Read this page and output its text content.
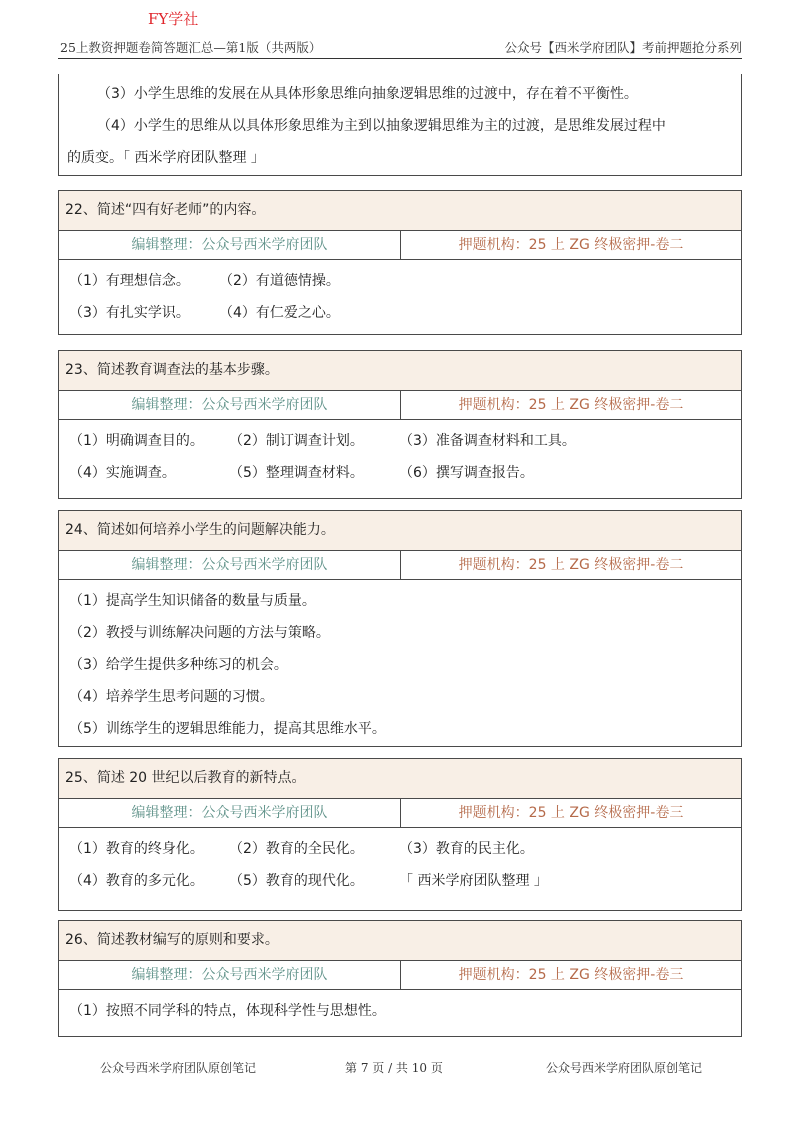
FY学社
25上教资押题卷简答题汇总—第1版（共两版）	公众号【西米学府团队】考前押题抢分系列
（3）小学生思维的发展在从具体形象思维向抽象逻辑思维的过渡中，存在着不平衡性。
（4）小学生的思维从以具体形象思维为主到以抽象逻辑思维为主的过渡，是思维发展过程中
的质变。「 西米学府团队整理 」
22、简述“四有好老师”的内容。
编辑整理：公众号西米学府团队	押题机构：25 上 ZG 终极密押-卷二
（1）有理想信念。 （2）有道德情操。
（3）有扎实学识。 （4）有仁爱之心。
23、简述教育调查法的基本步骤。
编辑整理：公众号西米学府团队	押题机构：25 上 ZG 终极密押-卷二
（1）明确调查目的。 （2）制订调查计划。	（3）准备调查材料和工具。
（4）实施调查。	（5）整理调查材料。	（6）撰写调查报告。
24、简述如何培养小学生的问题解决能力。
编辑整理：公众号西米学府团队	押题机构：25 上 ZG 终极密押-卷二
（1）提高学生知识储备的数量与质量。
（2）教授与训练解决问题的方法与策略。
（3）给学生提供多种练习的机会。
（4）培养学生思考问题的习惯。
（5）训练学生的逻辑思维能力，提高其思维水平。
25、简述 20 世纪以后教育的新特点。
编辑整理：公众号西米学府团队	押题机构：25 上 ZG 终极密押-卷三
（1）教育的终身化。 （2）教育的全民化。	（3）教育的民主化。
（4）教育的多元化。 （5）教育的现代化。	「 西米学府团队整理 」
26、简述教材编写的原则和要求。
编辑整理：公众号西米学府团队	押题机构：25 上 ZG 终极密押-卷三
（1）按照不同学科的特点，体现科学性与思想性。
公众号西米学府团队原创笔记	第 7 页 / 共 10 页	公众号西米学府团队原创笔记
